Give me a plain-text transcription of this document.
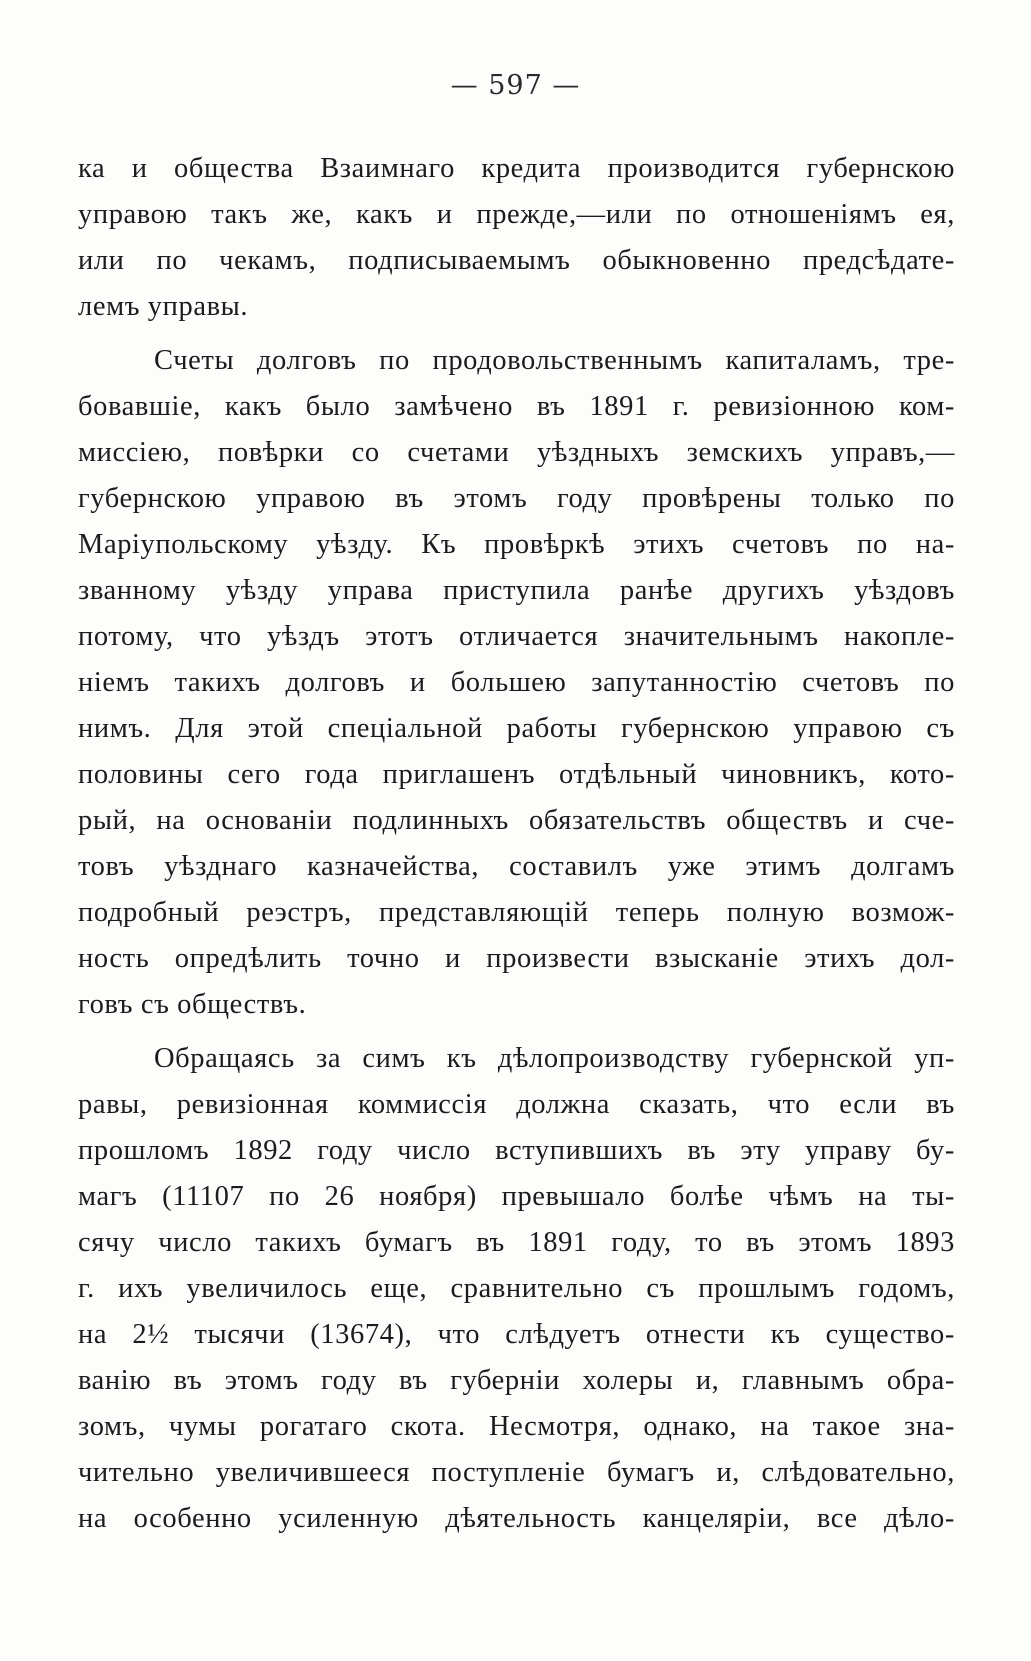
— 597 —
ка и общества Взаимнаго кредита производится губернскою
управою такъ же, какъ и прежде,—или по отношеніямъ ея,
или по чекамъ, подписываемымъ обыкновенно предсѣдате-
лемъ управы.
Счеты долговъ по продовольственнымъ капиталамъ, тре-
бовавшіе, какъ было замѣчено въ 1891 г. ревизіонною ком-
миссіею, повѣрки со счетами уѣздныхъ земскихъ управъ,—
губернскою управою въ этомъ году провѣрены только по
Маріупольскому уѣзду. Къ провѣркѣ этихъ счетовъ по на-
званному уѣзду управа приступила ранѣе другихъ уѣздовъ
потому, что уѣздъ этотъ отличается значительнымъ накопле-
ніемъ такихъ долговъ и большею запутанностію счетовъ по
нимъ. Для этой спеціальной работы губернскою управою съ
половины сего года приглашенъ отдѣльный чиновникъ, кото-
рый, на основаніи подлинныхъ обязательствъ обществъ и сче-
товъ уѣзднаго казначейства, составилъ уже этимъ долгамъ
подробный реэстръ, представляющій теперь полную возмож-
ность опредѣлить точно и произвести взысканіе этихъ дол-
говъ съ обществъ.
Обращаясь за симъ къ дѣлопроизводству губернской уп-
равы, ревизіонная коммиссія должна сказать, что если въ
прошломъ 1892 году число вступившихъ въ эту управу бу-
магъ (11107 по 26 ноября) превышало болѣе чѣмъ на ты-
сячу число такихъ бумагъ въ 1891 году, то въ этомъ 1893
г. ихъ увеличилось еще, сравнительно съ прошлымъ годомъ,
на 2½ тысячи (13674), что слѣдуетъ отнести къ существо-
ванію въ этомъ году въ губерніи холеры и, главнымъ обра-
зомъ, чумы рогатаго скота. Несмотря, однако, на такое зна-
чительно увеличившееся поступленіе бумагъ и, слѣдовательно,
на особенно усиленную дѣятельность канцеляріи, все дѣло-
